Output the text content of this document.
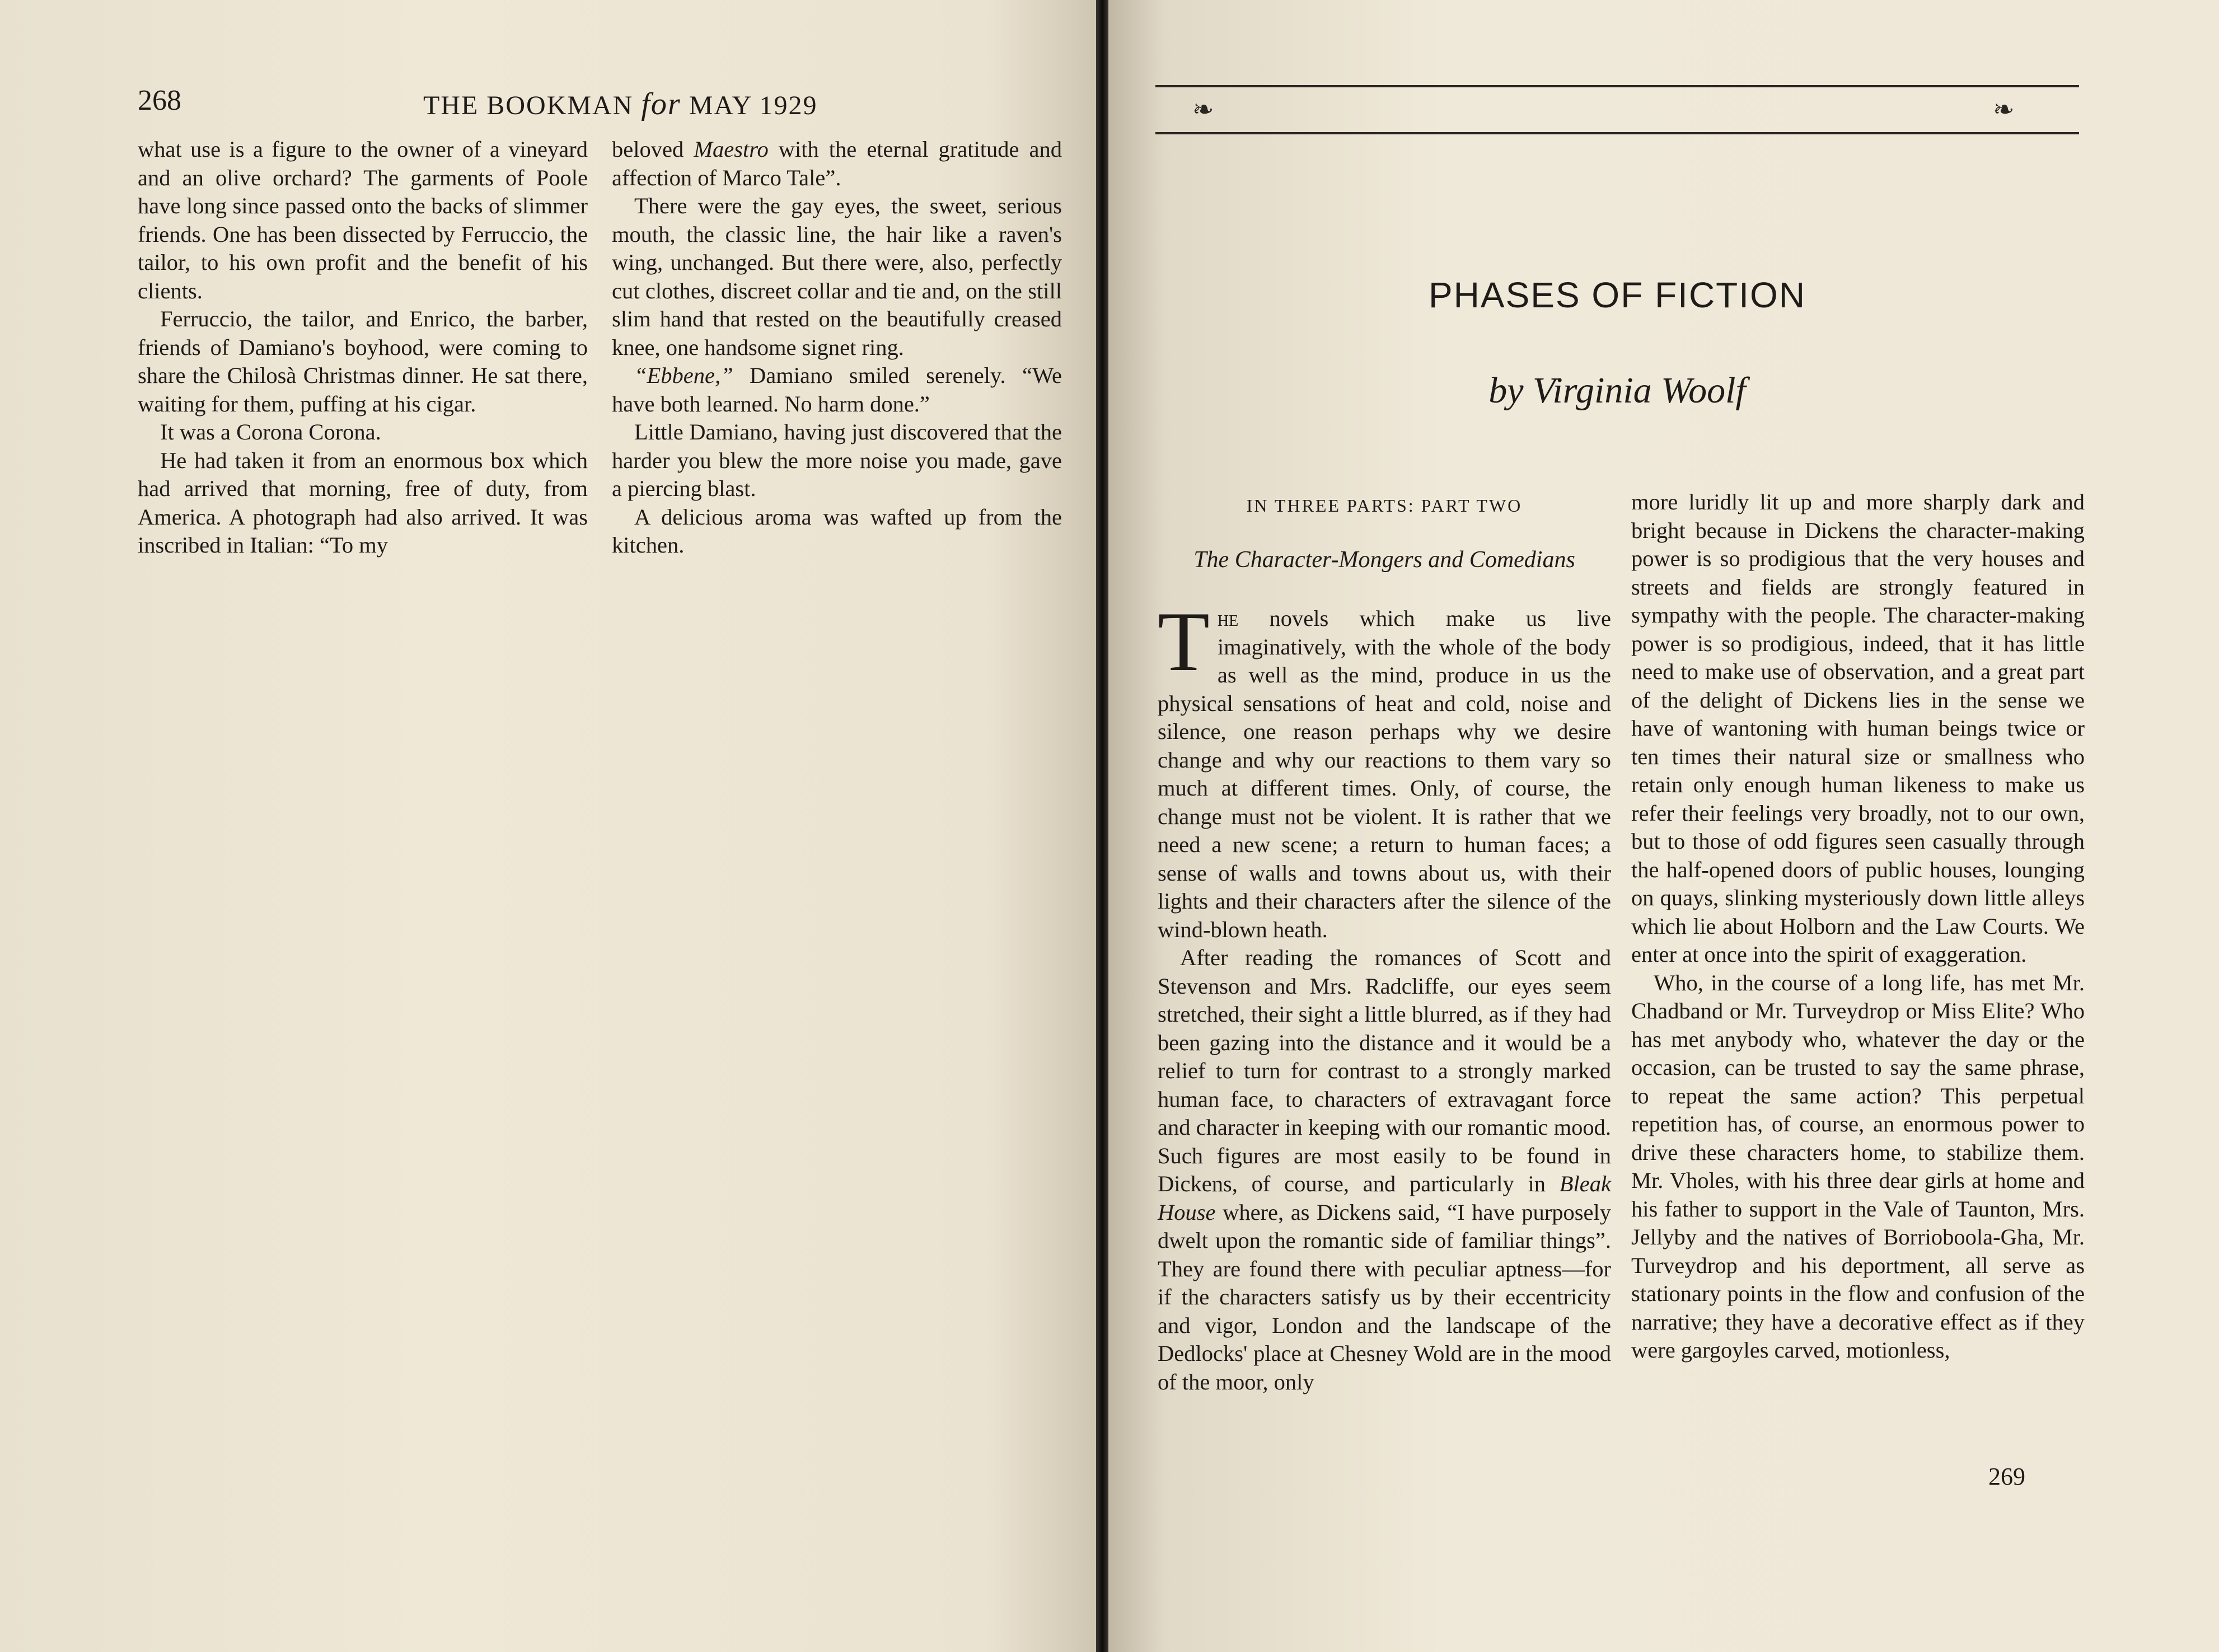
268	THE BOOKMAN for MAY 1929

what use is a figure to the owner of a vineyard and an olive orchard? The garments of Poole have long since passed onto the backs of slimmer friends. One has been dissected by Ferruccio, the tailor, to his own profit and the benefit of his clients.

Ferruccio, the tailor, and Enrico, the barber, friends of Damiano's boyhood, were coming to share the Chilosà Christmas dinner. He sat there, waiting for them, puffing at his cigar.

It was a Corona Corona.

He had taken it from an enormous box which had arrived that morning, free of duty, from America. A photograph had also arrived. It was inscribed in Italian: “To my

beloved Maestro with the eternal gratitude and affection of Marco Tale”.

There were the gay eyes, the sweet, serious mouth, the classic line, the hair like a raven's wing, unchanged. But there were, also, perfectly cut clothes, discreet collar and tie and, on the still slim hand that rested on the beautifully creased knee, one handsome signet ring.

“Ebbene,” Damiano smiled serenely. “We have both learned. No harm done.”

Little Damiano, having just discovered that the harder you blew the more noise you made, gave a piercing blast.

A delicious aroma was wafted up from the kitchen.

❧	❧
PHASES OF FICTION
by Virginia Woolf
IN THREE PARTS: PART TWO
The Character-Mongers and Comedians

The novels which make us live imaginatively, with the whole of the body as well as the mind, produce in us the physical sensations of heat and cold, noise and silence, one reason perhaps why we desire change and why our reactions to them vary so much at different times. Only, of course, the change must not be violent. It is rather that we need a new scene; a return to human faces; a sense of walls and towns about us, with their lights and their characters after the silence of the wind-blown heath.

After reading the romances of Scott and Stevenson and Mrs. Radcliffe, our eyes seem stretched, their sight a little blurred, as if they had been gazing into the distance and it would be a relief to turn for contrast to a strongly marked human face, to characters of extravagant force and character in keeping with our romantic mood. Such figures are most easily to be found in Dickens, of course, and particularly in Bleak House where, as Dickens said, “I have purposely dwelt upon the romantic side of familiar things”. They are found there with peculiar aptness—for if the characters satisfy us by their eccentricity and vigor, London and the landscape of the Dedlocks' place at Chesney Wold are in the mood of the moor, only

more luridly lit up and more sharply dark and bright because in Dickens the character-making power is so prodigious that the very houses and streets and fields are strongly featured in sympathy with the people. The character-making power is so prodigious, indeed, that it has little need to make use of observation, and a great part of the delight of Dickens lies in the sense we have of wantoning with human beings twice or ten times their natural size or smallness who retain only enough human likeness to make us refer their feelings very broadly, not to our own, but to those of odd figures seen casually through the half-opened doors of public houses, lounging on quays, slinking mysteriously down little alleys which lie about Holborn and the Law Courts. We enter at once into the spirit of exaggeration.

Who, in the course of a long life, has met Mr. Chadband or Mr. Turveydrop or Miss Elite? Who has met anybody who, whatever the day or the occasion, can be trusted to say the same phrase, to repeat the same action? This perpetual repetition has, of course, an enormous power to drive these characters home, to stabilize them. Mr. Vholes, with his three dear girls at home and his father to support in the Vale of Taunton, Mrs. Jellyby and the natives of Borrioboola-Gha, Mr. Turveydrop and his deportment, all serve as stationary points in the flow and confusion of the narrative; they have a decorative effect as if they were gargoyles carved, motionless,

269
